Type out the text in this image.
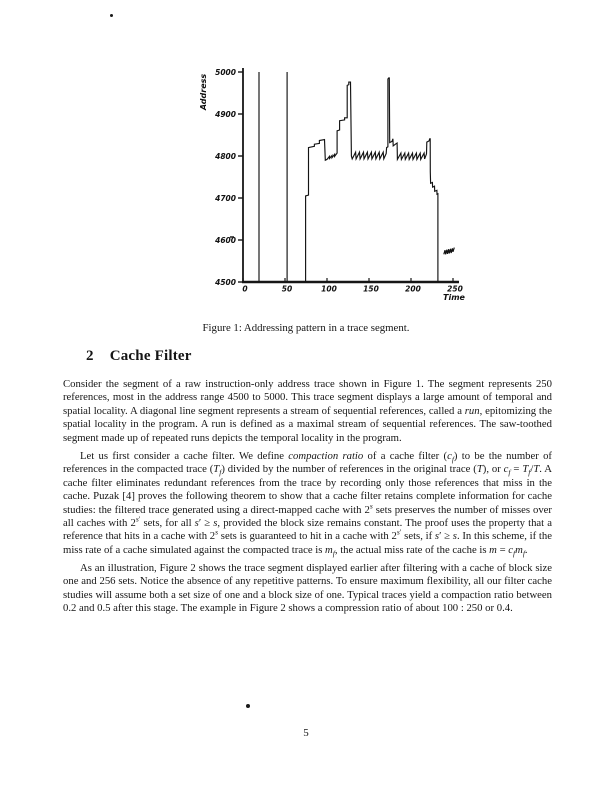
4500
4600
4700
4800
4900
5000
0	50	100	150	200	250
Address
Time
Figure 1: Addressing pattern in a trace segment.
2 Cache Filter

Consider the segment of a raw instruction-only address trace shown in Figure 1. The segment represents 250 references, most in the address range 4500 to 5000. This trace segment displays a large amount of temporal and spatial locality. A diagonal line segment represents a stream of sequential references, called a run, epitomizing the spatial locality in the program. A run is defined as a maximal stream of sequential references. The saw-toothed segment made up of repeated runs depicts the temporal locality in the program.

Let us first consider a cache filter. We define compaction ratio of a cache filter $(c_f)$ to be the number of references in the compacted trace $(T_f)$ divided by the number of references in the original trace (T), or $c_f = T_f/T$. A cache filter eliminates redundant references from the trace by recording only those references that miss in the cache. Puzak [4] proves the following theorem to show that a cache filter retains complete information for cache studies: the filtered trace generated using a direct-mapped cache with 2$^s$ sets preserves the number of misses over all caches with $2^{s'}$ sets, for all s′ ≥ s, provided the block size remains constant. The proof uses the property that a reference that hits in a cache with 2$^s$ sets is guaranteed to hit in a cache with $2^{s'}$ sets, if s′ ≥ s. In this scheme, if the miss rate of a cache simulated against the compacted trace is $m_f$, the actual miss rate of the cache is $m = c_fm_f$.

As an illustration, Figure 2 shows the trace segment displayed earlier after filtering with a cache of block size one and 256 sets. Notice the absence of any repetitive patterns. To ensure maximum flexibility, all our filter cache studies will assume both a set size of one and a block size of one. Typical traces yield a compaction ratio between 0.2 and 0.5 after this stage. The example in Figure 2 shows a compression ratio of about 100 : 250 or 0.4.

5
